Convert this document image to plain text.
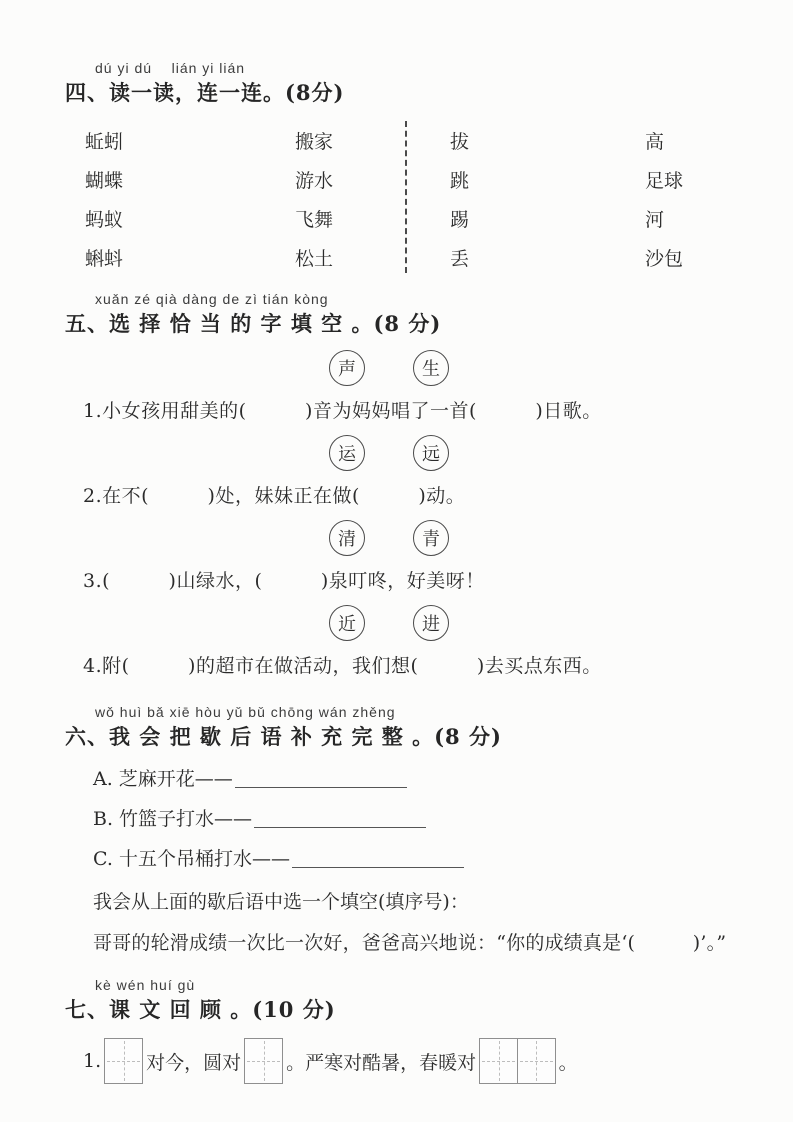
dú yi dú    lián yi lián
四、读一读，连一连。(8分)
蚯蚓	搬家	拔	高
蝴蝶	游水	跳	足球
蚂蚁	飞舞	踢	河
蝌蚪	松土	丢	沙包
xuǎn zé qià dàng de zì tián kòng
五、选 择 恰 当 的 字 填 空 。(8 分)
声	生
1.小女孩用甜美的(　　　)音为妈妈唱了一首(　　　)日歌。
运	远
2.在不(　　　)处，妹妹正在做(　　　)动。
清	青
3.(　　　)山绿水，(　　　)泉叮咚，好美呀！
近	进
4.附(　　　)的超市在做活动，我们想(　　　)去买点东西。
wǒ huì bǎ xiē hòu yǔ bǔ chōng wán zhěng
六、我 会 把 歇 后 语 补 充 完 整 。(8 分)
A. 芝麻开花——
B. 竹篮子打水——
C. 十五个吊桶打水——
我会从上面的歇后语中选一个填空(填序号)：
哥哥的轮滑成绩一次比一次好，爸爸高兴地说：“你的成绩真是‘(　　　)’。”
kè wén huí gù
七、课 文 回 顾 。(10 分)
1. 对今，圆对 。严寒对酷暑，春暖对	。
